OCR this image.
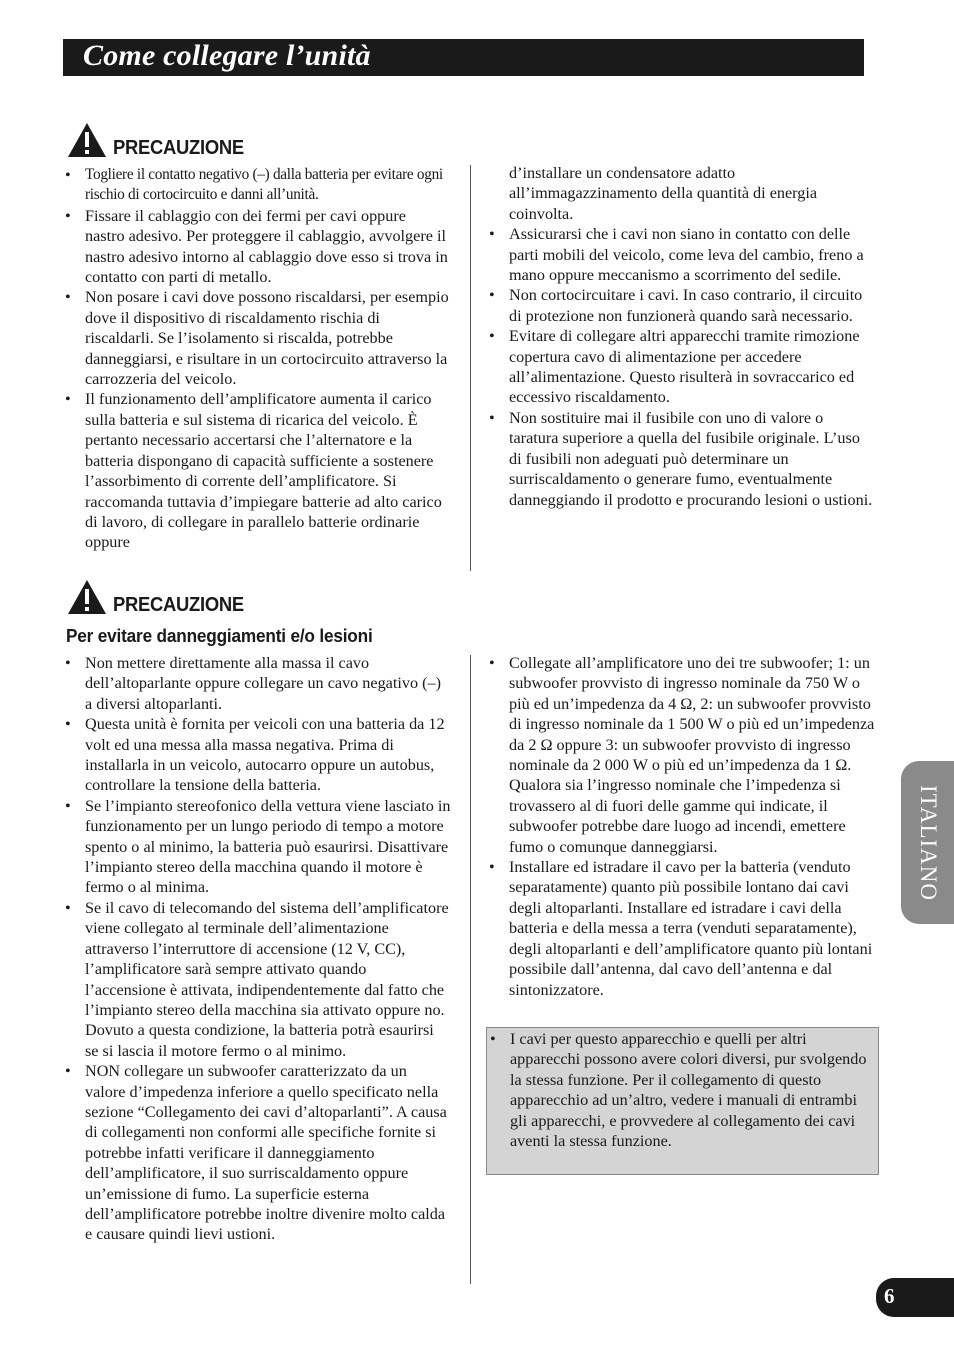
Come collegare l’unità
PRECAUZIONE
• Togliere il contatto negativo (–) dalla batteria per evitare ogni rischio di cortocircuito e danni all’unità.
• Fissare il cablaggio con dei fermi per cavi oppure nastro adesivo. Per proteggere il cablaggio, avvolgere il nastro adesivo intorno al cablaggio dove esso si trova in contatto con parti di metallo.
• Non posare i cavi dove possono riscaldarsi, per esempio dove il dispositivo di riscaldamento rischia di riscaldarli. Se l’isolamento si riscalda, potrebbe danneggiarsi, e risultare in un cortocircuito attraverso la carrozzeria del veicolo.
• Il funzionamento dell’amplificatore aumenta il carico sulla batteria e sul sistema di ricarica del veicolo. È pertanto necessario accertarsi che l’alternatore e la batteria dispongano di capacità sufficiente a sostenere l’assorbimento di corrente dell’amplificatore. Si raccomanda tuttavia d’impiegare batterie ad alto carico di lavoro, di collegare in parallelo batterie ordinarie oppure
d’installare un condensatore adatto all’immagazzinamento della quantità di energia coinvolta.
• Assicurarsi che i cavi non siano in contatto con delle parti mobili del veicolo, come leva del cambio, freno a mano oppure meccanismo a scorrimento del sedile.
• Non cortocircuitare i cavi. In caso contrario, il circuito di protezione non funzionerà quando sarà necessario.
• Evitare di collegare altri apparecchi tramite rimozione copertura cavo di alimentazione per accedere all’alimentazione. Questo risulterà in sovraccarico ed eccessivo riscaldamento.
• Non sostituire mai il fusibile con uno di valore o taratura superiore a quella del fusibile originale. L’uso di fusibili non adeguati può determinare un surriscaldamento o generare fumo, eventualmente danneggiando il prodotto e procurando lesioni o ustioni.
PRECAUZIONE
Per evitare danneggiamenti e/o lesioni
• Non mettere direttamente alla massa il cavo dell’altoparlante oppure collegare un cavo negativo (–) a diversi altoparlanti.
• Questa unità è fornita per veicoli con una batteria da 12 volt ed una messa alla massa negativa. Prima di installarla in un veicolo, autocarro oppure un autobus, controllare la tensione della batteria.
• Se l’impianto stereofonico della vettura viene lasciato in funzionamento per un lungo periodo di tempo a motore spento o al minimo, la batteria può esaurirsi. Disattivare l’impianto stereo della macchina quando il motore è fermo o al minima.
• Se il cavo di telecomando del sistema dell’amplificatore viene collegato al terminale dell’alimentazione attraverso l’interruttore di accensione (12 V, CC), l’amplificatore sarà sempre attivato quando l’accensione è attivata, indipendentemente dal fatto che l’impianto stereo della macchina sia attivato oppure no. Dovuto a questa condizione, la batteria potrà esaurirsi se si lascia il motore fermo o al minimo.
• NON collegare un subwoofer caratterizzato da un valore d’impedenza inferiore a quello specificato nella sezione “Collegamento dei cavi d’altoparlanti”. A causa di collegamenti non conformi alle specifiche fornite si potrebbe infatti verificare il danneggiamento dell’amplificatore, il suo surriscaldamento oppure un’emissione di fumo. La superficie esterna dell’amplificatore potrebbe inoltre divenire molto calda e causare quindi lievi ustioni.
• Collegate all’amplificatore uno dei tre subwoofer; 1: un subwoofer provvisto di ingresso nominale da 750 W o più ed un’impedenza da 4 Ω, 2: un subwoofer provvisto di ingresso nominale da 1 500 W o più ed un’impedenza da 2 Ω oppure 3: un subwoofer provvisto di ingresso nominale da 2 000 W o più ed un’impedenza da 1 Ω. Qualora sia l’ingresso nominale che l’impedenza si trovassero al di fuori delle gamme qui indicate, il subwoofer potrebbe dare luogo ad incendi, emettere fumo o comunque danneggiarsi.
• Installare ed istradare il cavo per la batteria (venduto separatamente) quanto più possibile lontano dai cavi degli altoparlanti. Installare ed istradare i cavi della batteria e della messa a terra (venduti separatamente), degli altoparlanti e dell’amplificatore quanto più lontani possibile dall’antenna, dal cavo dell’antenna e dal sintonizzatore.
• I cavi per questo apparecchio e quelli per altri apparecchi possono avere colori diversi, pur svolgendo la stessa funzione. Per il collegamento di questo apparecchio ad un’altro, vedere i manuali di entrambi gli apparecchi, e provvedere al collegamento dei cavi aventi la stessa funzione.
ITALIANO
6
